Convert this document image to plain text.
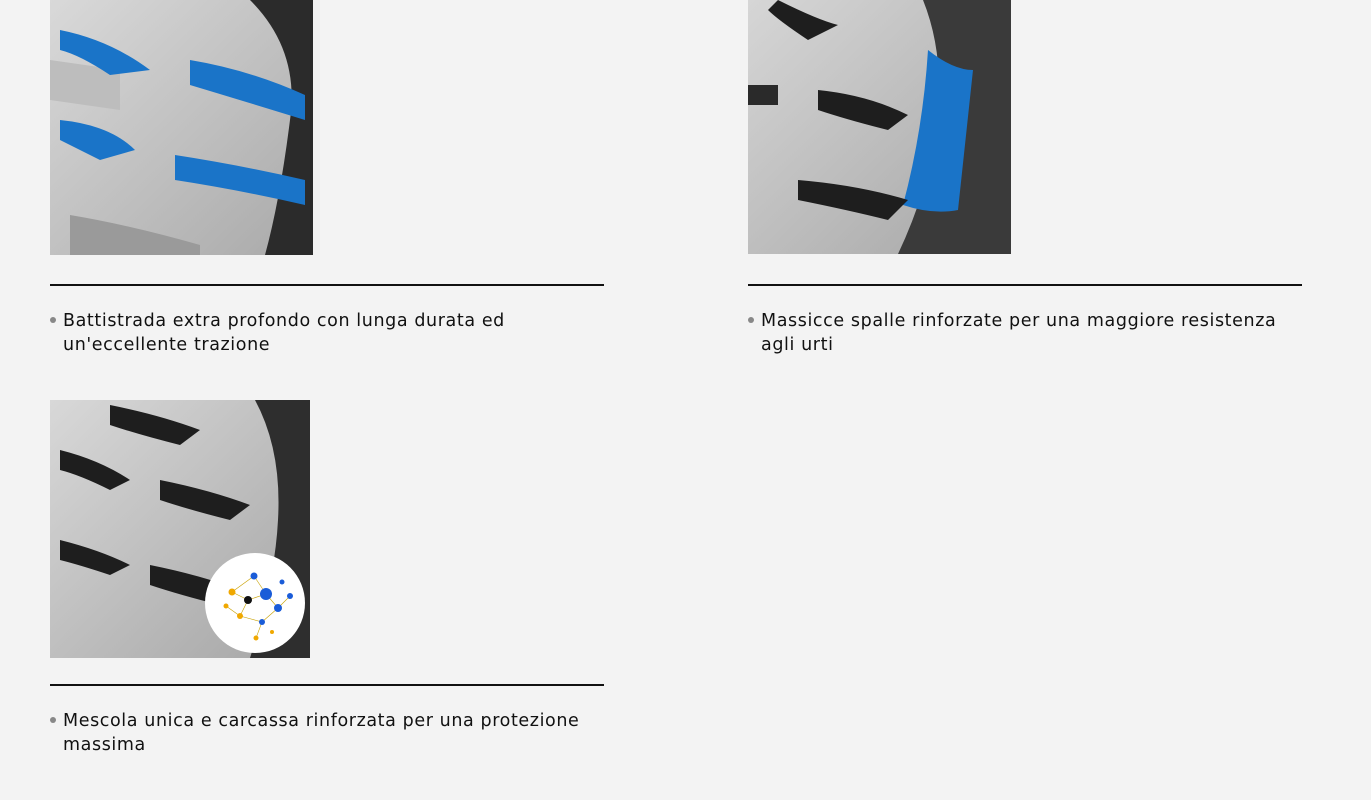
Battistrada extra profondo con lunga durata ed un'eccellente trazione
Massicce spalle rinforzate per una maggiore resistenza agli urti
Mescola unica e carcassa rinforzata per una protezione massima
